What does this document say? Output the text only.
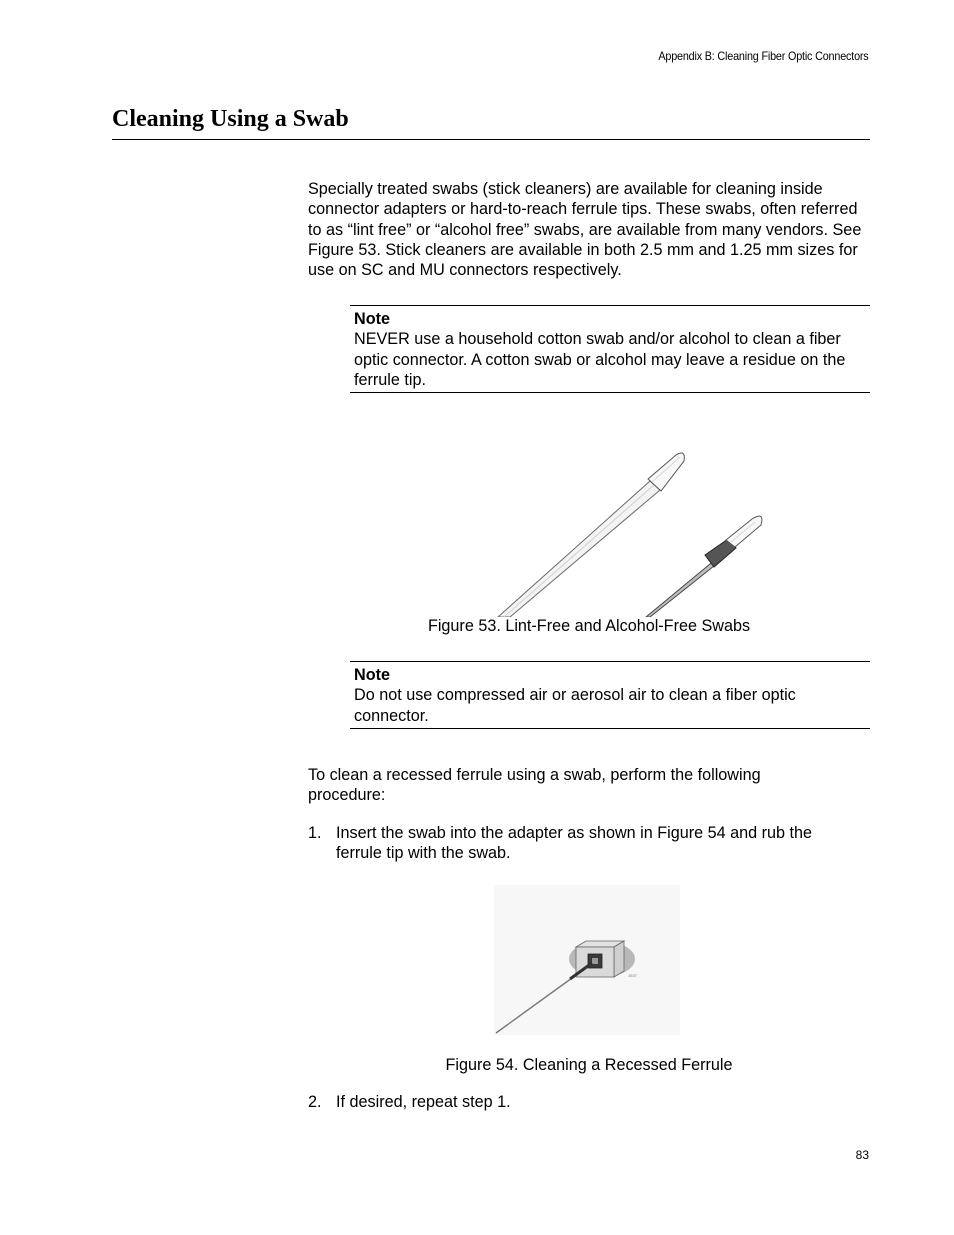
Appendix B: Cleaning Fiber Optic Connectors
Cleaning Using a Swab

Specially treated swabs (stick cleaners) are available for cleaning inside connector adapters or hard-to-reach ferrule tips. These swabs, often referred to as “lint free” or “alcohol free” swabs, are available from many vendors. See Figure 53. Stick cleaners are available in both 2.5 mm and 1.25 mm sizes for use on SC and MU connectors respectively.

Note
NEVER use a household cotton swab and/or alcohol to clean a fiber optic connector. A cotton swab or alcohol may leave a residue on the ferrule tip.

Figure 53. Lint-Free and Alcohol-Free Swabs

Note
Do not use compressed air or aerosol air to clean a fiber optic connector.

To clean a recessed ferrule using a swab, perform the following procedure:

1. Insert the swab into the adapter as shown in Figure 54 and rub the ferrule tip with the swab.
1537

Figure 54. Cleaning a Recessed Ferrule

2. If desired, repeat step 1.
83
